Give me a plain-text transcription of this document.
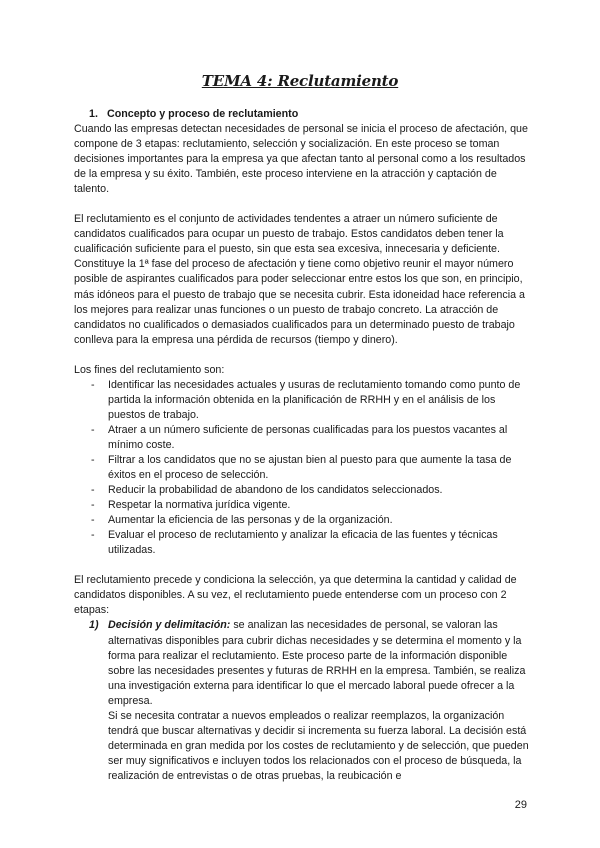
TEMA 4: Reclutamiento

1. Concepto y proceso de reclutamiento

Cuando las empresas detectan necesidades de personal se inicia el proceso de afectación, que compone de 3 etapas: reclutamiento, selección y socialización. En este proceso se toman decisiones importantes para la empresa ya que afectan tanto al personal como a los resultados de la empresa y su éxito. También, este proceso interviene en la atracción y captación de talento.

El reclutamiento es el conjunto de actividades tendentes a atraer un número suficiente de candidatos cualificados para ocupar un puesto de trabajo. Estos candidatos deben tener la cualificación suficiente para el puesto, sin que esta sea excesiva, innecesaria y deficiente. Constituye la 1ª fase del proceso de afectación y tiene como objetivo reunir el mayor número posible de aspirantes cualificados para poder seleccionar entre estos los que son, en principio, más idóneos para el puesto de trabajo que se necesita cubrir. Esta idoneidad hace referencia a los mejores para realizar unas funciones o un puesto de trabajo concreto. La atracción de candidatos no cualificados o demasiados cualificados para un determinado puesto de trabajo conlleva para la empresa una pérdida de recursos (tiempo y dinero).

Los fines del reclutamiento son:

- Identificar las necesidades actuales y usuras de reclutamiento tomando como punto de partida la información obtenida en la planificación de RRHH y en el análisis de los puestos de trabajo.
- Atraer a un número suficiente de personas cualificadas para los puestos vacantes al mínimo coste.
- Filtrar a los candidatos que no se ajustan bien al puesto para que aumente la tasa de éxitos en el proceso de selección.
- Reducir la probabilidad de abandono de los candidatos seleccionados.
- Respetar la normativa jurídica vigente.
- Aumentar la eficiencia de las personas y de la organización.
- Evaluar el proceso de reclutamiento y analizar la eficacia de las fuentes y técnicas utilizadas.

El reclutamiento precede y condiciona la selección, ya que determina la cantidad y calidad de candidatos disponibles. A su vez, el reclutamiento puede entenderse com un proceso con 2 etapas:

1) Decisión y delimitación: se analizan las necesidades de personal, se valoran las alternativas disponibles para cubrir dichas necesidades y se determina el momento y la forma para realizar el reclutamiento. Este proceso parte de la información disponible sobre las necesidades presentes y futuras de RRHH en la empresa. También, se realiza una investigación externa para identificar lo que el mercado laboral puede ofrecer a la empresa.
Si se necesita contratar a nuevos empleados o realizar reemplazos, la organización tendrá que buscar alternativas y decidir si incrementa su fuerza laboral. La decisión está determinada en gran medida por los costes de reclutamiento y de selección, que pueden ser muy significativos e incluyen todos los relacionados con el proceso de búsqueda, la realización de entrevistas o de otras pruebas, la reubicación e
29
